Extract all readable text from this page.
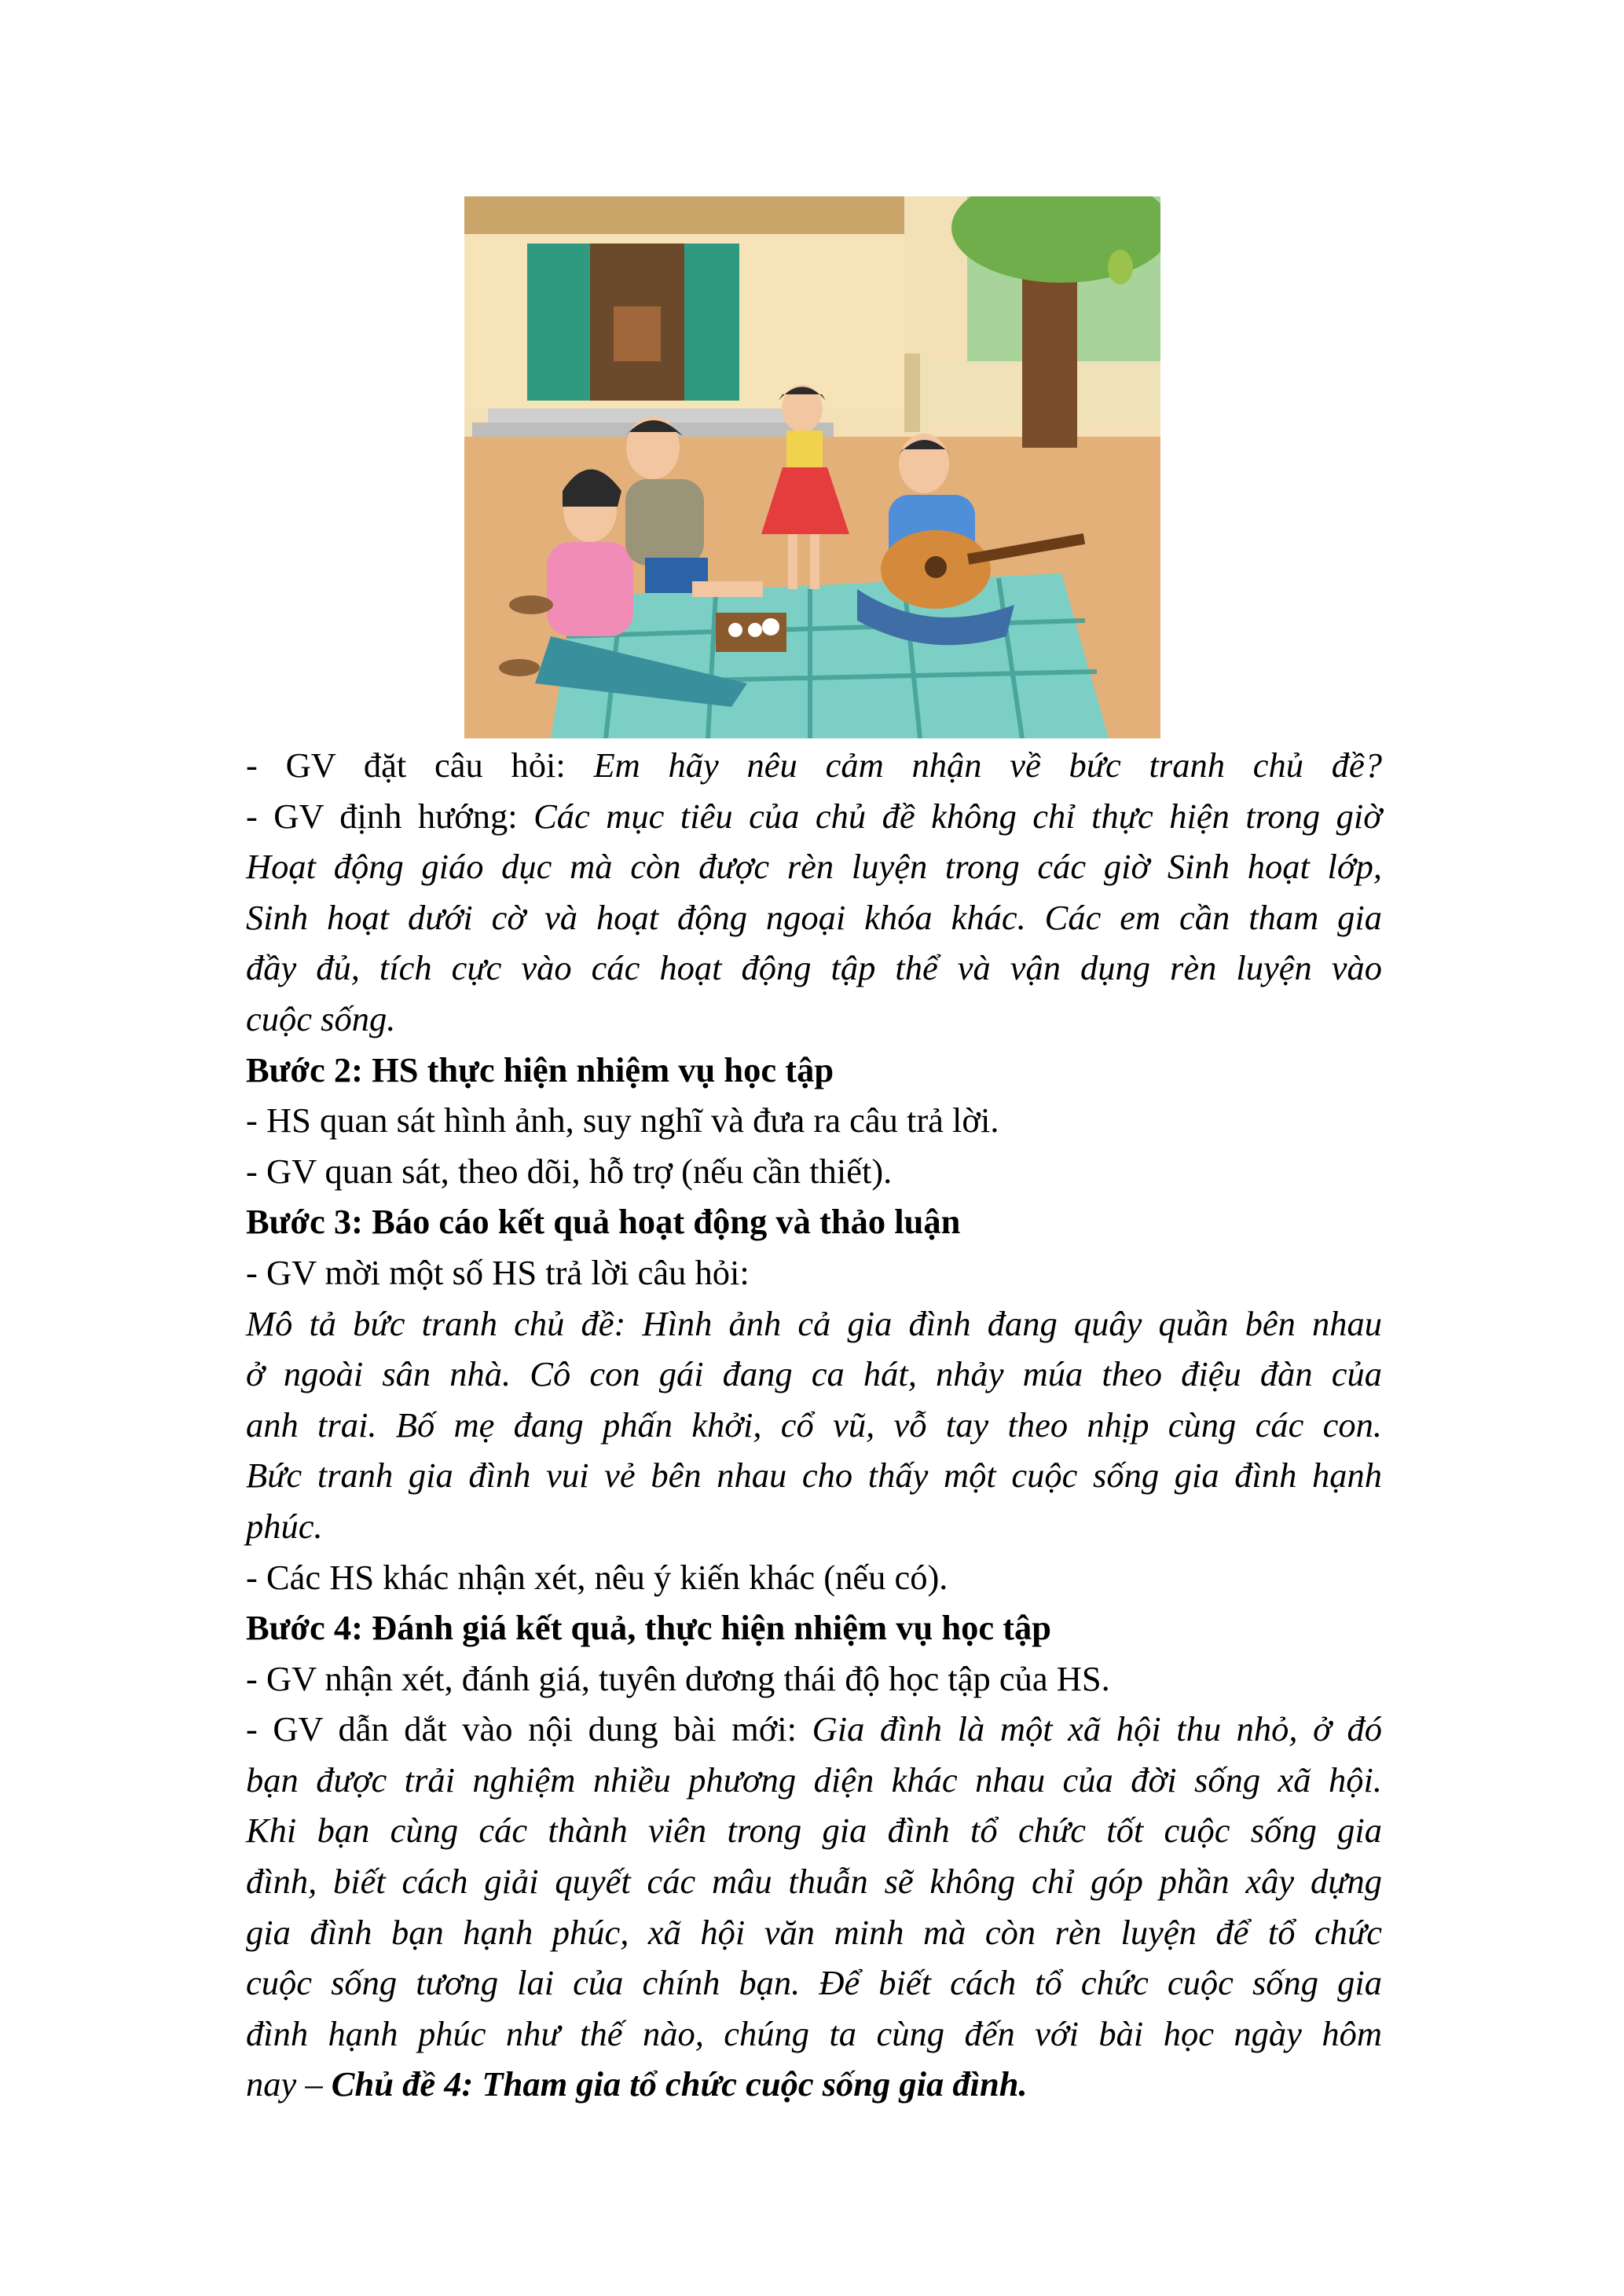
- GV đặt câu hỏi: Em hãy nêu cảm nhận về bức tranh chủ đề?

- GV định hướng: Các mục tiêu của chủ đề không chỉ thực hiện trong giờ

Hoạt động giáo dục mà còn được rèn luyện trong các giờ Sinh hoạt lớp,

Sinh hoạt dưới cờ và hoạt động ngoại khóa khác. Các em cần tham gia

đầy đủ, tích cực vào các hoạt động tập thể và vận dụng rèn luyện vào

cuộc sống.

Bước 2: HS thực hiện nhiệm vụ học tập

- HS quan sát hình ảnh, suy nghĩ và đưa ra câu trả lời.

- GV quan sát, theo dõi, hỗ trợ (nếu cần thiết).

Bước 3: Báo cáo kết quả hoạt động và thảo luận

- GV mời một số HS trả lời câu hỏi:

Mô tả bức tranh chủ đề: Hình ảnh cả gia đình đang quây quần bên nhau

ở ngoài sân nhà. Cô con gái đang ca hát, nhảy múa theo điệu đàn của

anh trai. Bố mẹ đang phấn khởi, cổ vũ, vỗ tay theo nhịp cùng các con.

Bức tranh gia đình vui vẻ bên nhau cho thấy một cuộc sống gia đình hạnh

phúc.

- Các HS khác nhận xét, nêu ý kiến khác (nếu có).

Bước 4: Đánh giá kết quả, thực hiện nhiệm vụ học tập

- GV nhận xét, đánh giá, tuyên dương thái độ học tập của HS.

- GV dẫn dắt vào nội dung bài mới: Gia đình là một xã hội thu nhỏ, ở đó

bạn được trải nghiệm nhiều phương diện khác nhau của đời sống xã hội.

Khi bạn cùng các thành viên trong gia đình tổ chức tốt cuộc sống gia

đình, biết cách giải quyết các mâu thuẫn sẽ không chỉ góp phần xây dựng

gia đình bạn hạnh phúc, xã hội văn minh mà còn rèn luyện để tổ chức

cuộc sống tương lai của chính bạn. Để biết cách tổ chức cuộc sống gia

đình hạnh phúc như thế nào, chúng ta cùng đến với bài học ngày hôm

nay – Chủ đề 4: Tham gia tổ chức cuộc sống gia đình.
